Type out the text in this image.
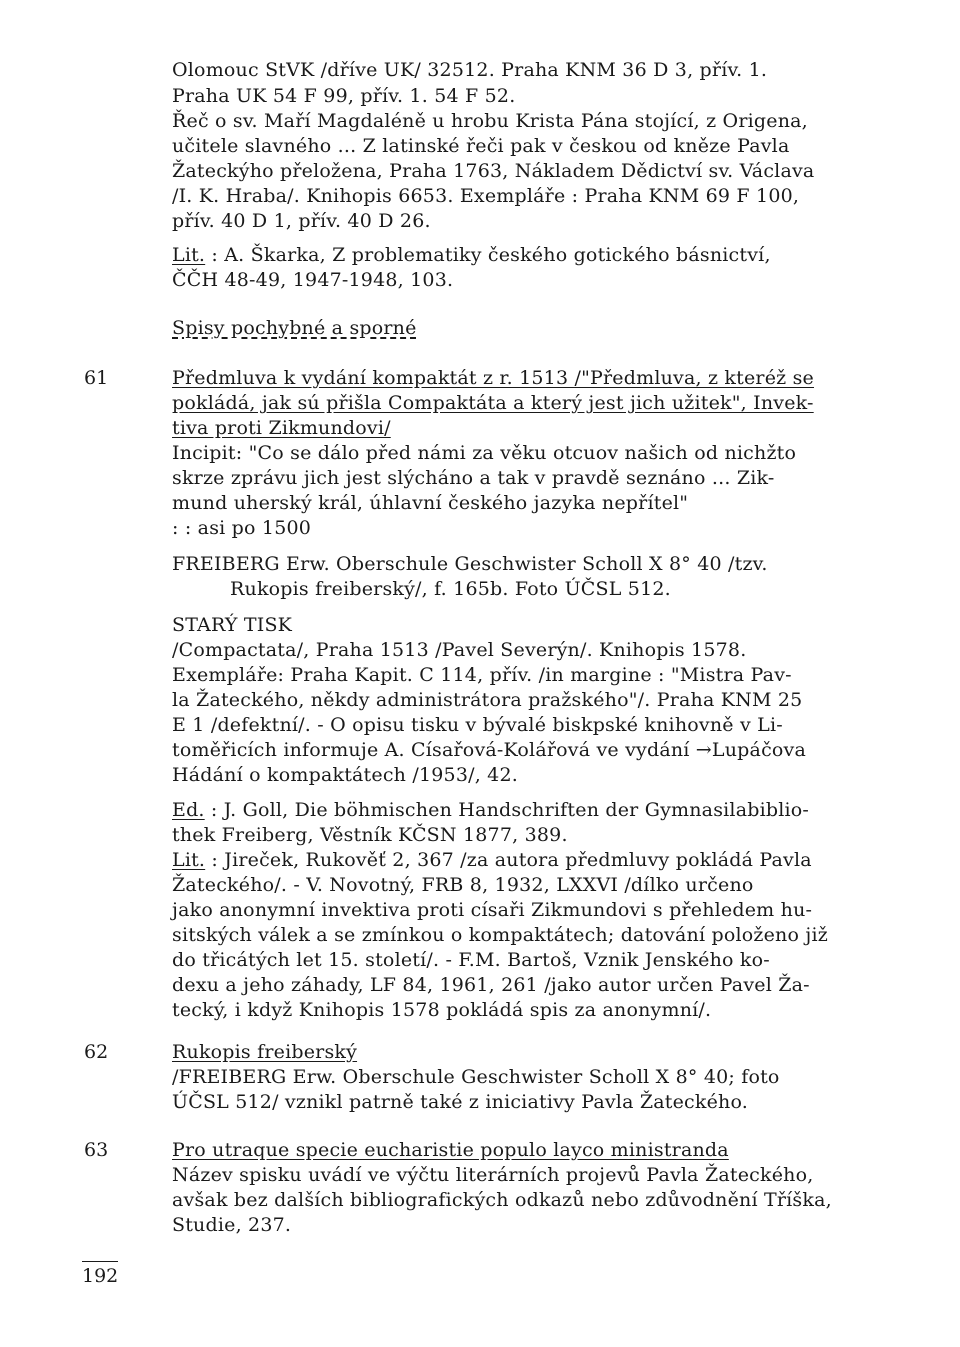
Olomouc StVK /dříve UK/ 32512. Praha KNM 36 D 3, přív. 1.
Praha UK 54 F 99, přív. 1. 54 F 52.
Řeč o sv. Maří Magdaléně u hrobu Krista Pána stojící, z Origena,
učitele slavného ... Z latinské řeči pak v českou od kněze Pavla
Žateckýho přeložena, Praha 1763, Nákladem Dědictví sv. Václava
/I. K. Hraba/. Knihopis 6653. Exempláře : Praha KNM 69 F 100,
přív. 40 D 1, přív. 40 D 26.
Lit. : A. Škarka, Z problematiky českého gotického básnictví,
ČČH 48-49, 1947-1948, 103.
Spisy pochybné a sporné
61	Předmluva k vydání kompaktát z r. 1513 /"Předmluva, z kteréž se
pokládá, jak sú přišla Compaktáta a který jest jich užitek", Invek-
tiva proti Zikmundovi/
Incipit: "Co se dálo před námi za věku otcuov našich od nichžto
skrze zprávu jich jest slýcháno a tak v pravdě seznáno ... Zik-
mund uherský král, úhlavní českého jazyka nepřítel"
: : asi po 1500
FREIBERG Erw. Oberschule Geschwister Scholl X 8° 40 /tzv.
Rukopis freiberský/, f. 165b. Foto ÚČSL 512.
STARÝ TISK
/Compactata/, Praha 1513 /Pavel Severýn/. Knihopis 1578.
Exempláře: Praha Kapit. C 114, přív. /in margine : "Mistra Pav-
la Žateckého, někdy administrátora pražského"/. Praha KNM 25
E 1 /defektní/. - O opisu tisku v bývalé biskpské knihovně v Li-
toměřicích informuje A. Císařová-Kolářová ve vydání →Lupáčova
Hádání o kompaktátech /1953/, 42.
Ed. : J. Goll, Die böhmischen Handschriften der Gymnasilabiblio-
thek Freiberg, Věstník KČSN 1877, 389.
Lit. : Jireček, Rukověť 2, 367 /za autora předmluvy pokládá Pavla
Žateckého/. - V. Novotný, FRB 8, 1932, LXXVI /dílko určeno
jako anonymní invektiva proti císaři Zikmundovi s přehledem hu-
sitských válek a se zmínkou o kompaktátech; datování položeno již
do třicátých let 15. století/. - F.M. Bartoš, Vznik Jenského ko-
dexu a jeho záhady, LF 84, 1961, 261 /jako autor určen Pavel Ža-
tecký, i když Knihopis 1578 pokládá spis za anonymní/.
62	Rukopis freiberský
/FREIBERG Erw. Oberschule Geschwister Scholl X 8° 40; foto
ÚČSL 512/ vznikl patrně také z iniciativy Pavla Žateckého.
63	Pro utraque specie eucharistie populo layco ministranda
Název spisku uvádí ve výčtu literárních projevů Pavla Žateckého,
avšak bez dalších bibliografických odkazů nebo zdůvodnění Tříška,
Studie, 237.
192
